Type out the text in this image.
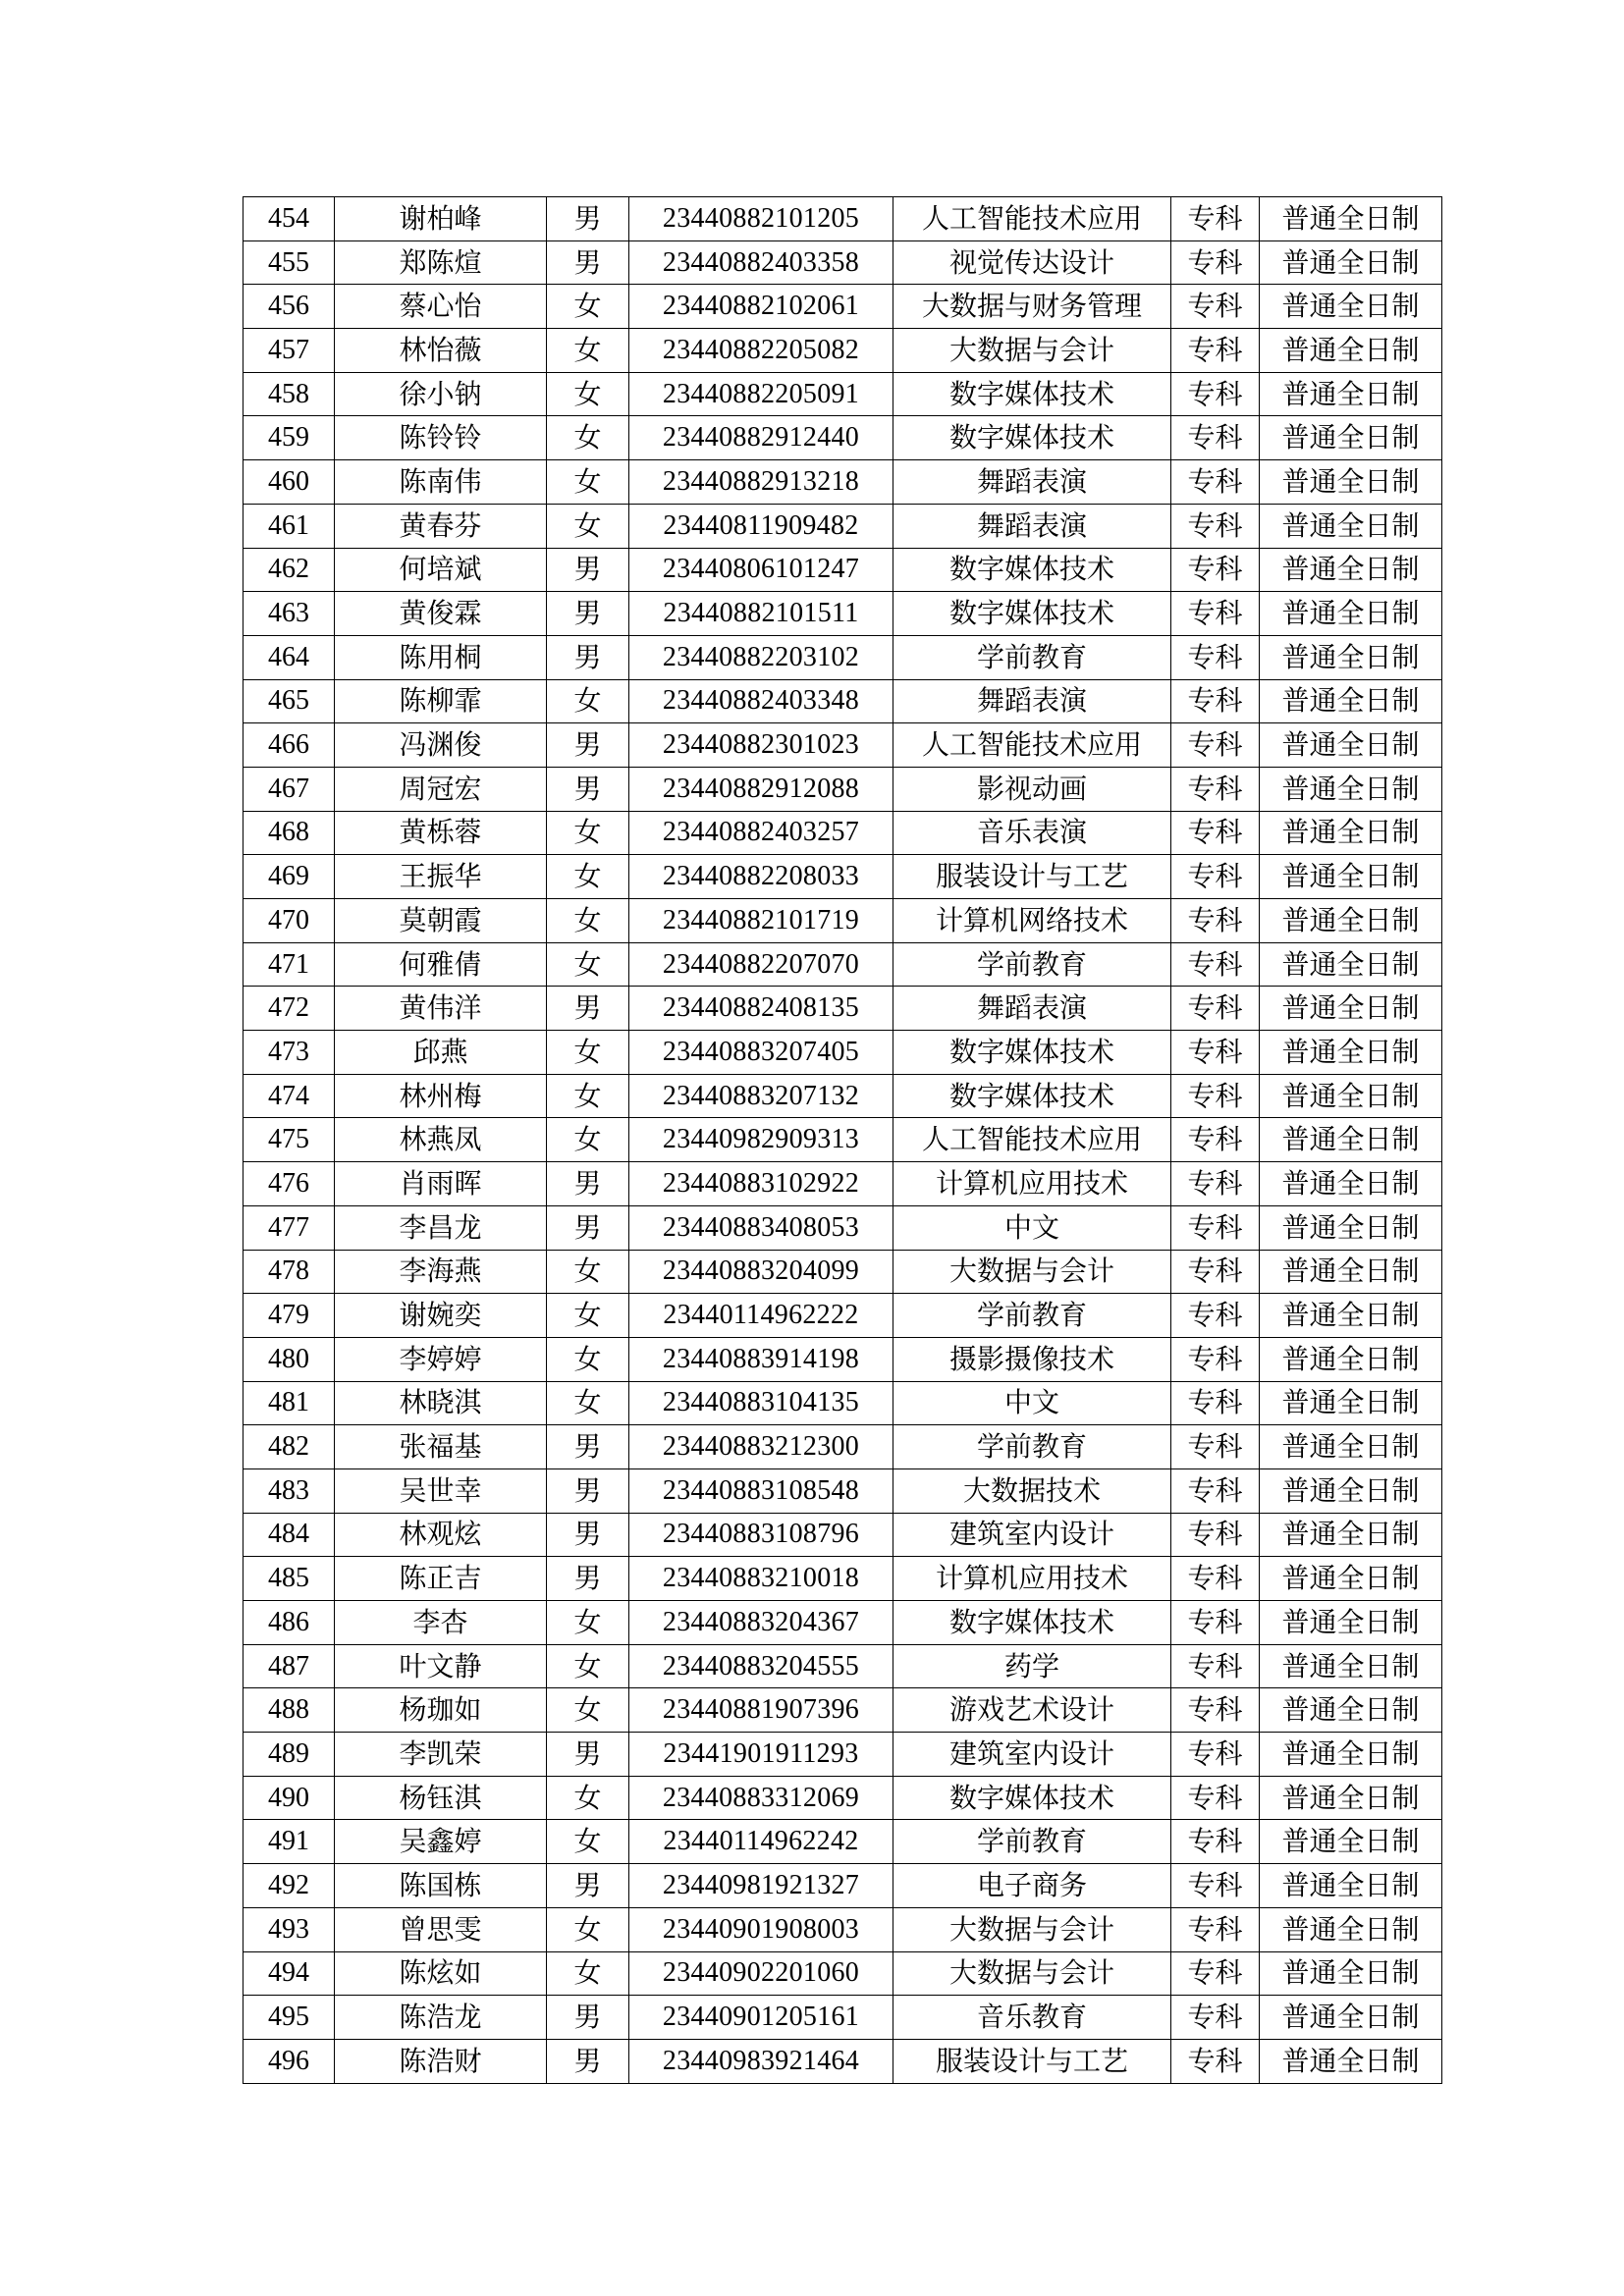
454	谢柏峰	男	23440882101205	人工智能技术应用	专科	普通全日制
455	郑陈煊	男	23440882403358	视觉传达设计	专科	普通全日制
456	蔡心怡	女	23440882102061	大数据与财务管理	专科	普通全日制
457	林怡薇	女	23440882205082	大数据与会计	专科	普通全日制
458	徐小钠	女	23440882205091	数字媒体技术	专科	普通全日制
459	陈铃铃	女	23440882912440	数字媒体技术	专科	普通全日制
460	陈南伟	女	23440882913218	舞蹈表演	专科	普通全日制
461	黄春芬	女	23440811909482	舞蹈表演	专科	普通全日制
462	何培斌	男	23440806101247	数字媒体技术	专科	普通全日制
463	黄俊霖	男	23440882101511	数字媒体技术	专科	普通全日制
464	陈用桐	男	23440882203102	学前教育	专科	普通全日制
465	陈柳霏	女	23440882403348	舞蹈表演	专科	普通全日制
466	冯渊俊	男	23440882301023	人工智能技术应用	专科	普通全日制
467	周冠宏	男	23440882912088	影视动画	专科	普通全日制
468	黄栎蓉	女	23440882403257	音乐表演	专科	普通全日制
469	王振华	女	23440882208033	服装设计与工艺	专科	普通全日制
470	莫朝霞	女	23440882101719	计算机网络技术	专科	普通全日制
471	何雅倩	女	23440882207070	学前教育	专科	普通全日制
472	黄伟洋	男	23440882408135	舞蹈表演	专科	普通全日制
473	邱燕	女	23440883207405	数字媒体技术	专科	普通全日制
474	林州梅	女	23440883207132	数字媒体技术	专科	普通全日制
475	林燕凤	女	23440982909313	人工智能技术应用	专科	普通全日制
476	肖雨晖	男	23440883102922	计算机应用技术	专科	普通全日制
477	李昌龙	男	23440883408053	中文	专科	普通全日制
478	李海燕	女	23440883204099	大数据与会计	专科	普通全日制
479	谢婉奕	女	23440114962222	学前教育	专科	普通全日制
480	李婷婷	女	23440883914198	摄影摄像技术	专科	普通全日制
481	林晓淇	女	23440883104135	中文	专科	普通全日制
482	张福基	男	23440883212300	学前教育	专科	普通全日制
483	吴世幸	男	23440883108548	大数据技术	专科	普通全日制
484	林观炫	男	23440883108796	建筑室内设计	专科	普通全日制
485	陈正吉	男	23440883210018	计算机应用技术	专科	普通全日制
486	李杏	女	23440883204367	数字媒体技术	专科	普通全日制
487	叶文静	女	23440883204555	药学	专科	普通全日制
488	杨珈如	女	23440881907396	游戏艺术设计	专科	普通全日制
489	李凯荣	男	23441901911293	建筑室内设计	专科	普通全日制
490	杨钰淇	女	23440883312069	数字媒体技术	专科	普通全日制
491	吴鑫婷	女	23440114962242	学前教育	专科	普通全日制
492	陈国栋	男	23440981921327	电子商务	专科	普通全日制
493	曾思雯	女	23440901908003	大数据与会计	专科	普通全日制
494	陈炫如	女	23440902201060	大数据与会计	专科	普通全日制
495	陈浩龙	男	23440901205161	音乐教育	专科	普通全日制
496	陈浩财	男	23440983921464	服装设计与工艺	专科	普通全日制
